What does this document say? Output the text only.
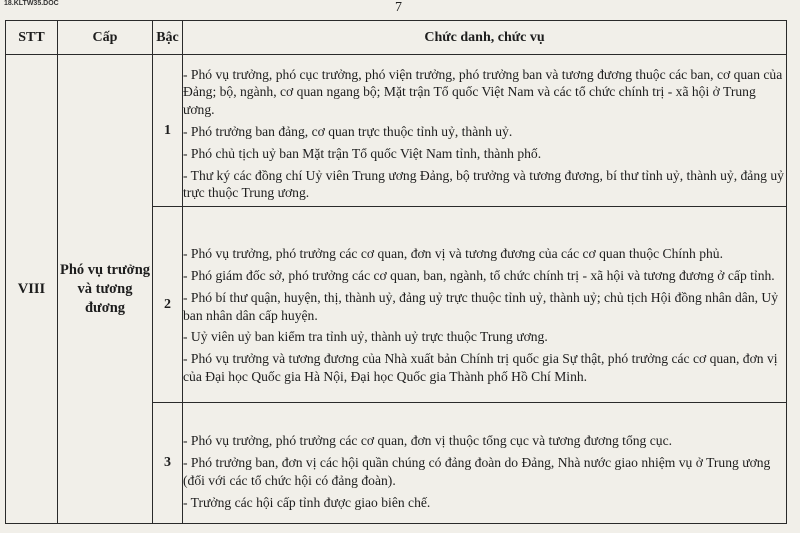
18.KLTW35.DOC	7
STT	Cấp	Bậc	Chức danh, chức vụ
VIII	Phó vụ trưởng và tương đương	1	- Phó vụ trưởng, phó cục trưởng, phó viện trưởng, phó trưởng ban và tương đương thuộc các ban, cơ quan của Đảng; bộ, ngành, cơ quan ngang bộ; Mặt trận Tổ quốc Việt Nam và các tổ chức chính trị - xã hội ở Trung ương.
- Phó trưởng ban đảng, cơ quan trực thuộc tỉnh uỷ, thành uỷ.
- Phó chủ tịch uỷ ban Mặt trận Tổ quốc Việt Nam tỉnh, thành phố.
- Thư ký các đồng chí Uỷ viên Trung ương Đảng, bộ trưởng và tương đương, bí thư tỉnh uỷ, thành uỷ, đảng uỷ trực thuộc Trung ương.

		2	- Phó vụ trưởng, phó trưởng các cơ quan, đơn vị và tương đương của các cơ quan thuộc Chính phủ.
- Phó giám đốc sở, phó trưởng các cơ quan, ban, ngành, tổ chức chính trị - xã hội và tương đương ở cấp tỉnh.
- Phó bí thư quận, huyện, thị, thành uỷ, đảng uỷ trực thuộc tỉnh uỷ, thành uỷ; chủ tịch Hội đồng nhân dân, Uỷ ban nhân dân cấp huyện.
- Uỷ viên uỷ ban kiểm tra tỉnh uỷ, thành uỷ trực thuộc Trung ương.
- Phó vụ trưởng và tương đương của Nhà xuất bản Chính trị quốc gia Sự thật, phó trưởng các cơ quan, đơn vị của Đại học Quốc gia Hà Nội, Đại học Quốc gia Thành phố Hồ Chí Minh.

		3	- Phó vụ trưởng, phó trưởng các cơ quan, đơn vị thuộc tổng cục và tương đương tổng cục.
- Phó trưởng ban, đơn vị các hội quần chúng có đảng đoàn do Đảng, Nhà nước giao nhiệm vụ ở Trung ương (đối với các tổ chức hội có đảng đoàn).
- Trưởng các hội cấp tỉnh được giao biên chế.
